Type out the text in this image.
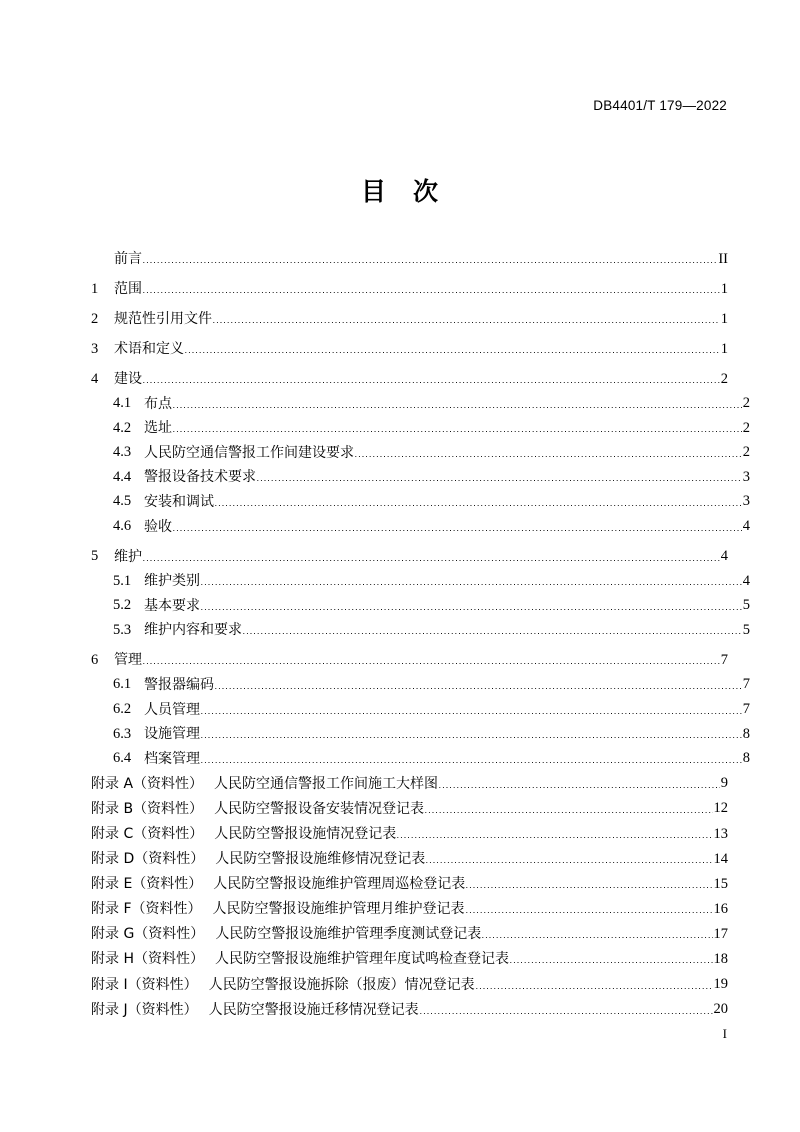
DB4401/T 179—2022
目 次
前言	II
1	范围	1
2	规范性引用文件	1
3	术语和定义	1
4	建设	2
4.1 布点	2
4.2 选址	2
4.3 人民防空通信警报工作间建设要求	2
4.4 警报设备技术要求	3
4.5 安装和调试	3
4.6 验收	4
5	维护	4
5.1 维护类别	4
5.2 基本要求	5
5.3 维护内容和要求	5
6	管理	7
6.1 警报器编码	7
6.2 人员管理	7
6.3 设施管理	8
6.4 档案管理	8
附录 A（资料性） 人民防空通信警报工作间施工大样图	9
附录 B（资料性） 人民防空警报设备安装情况登记表	12
附录 C（资料性） 人民防空警报设施情况登记表	13
附录 D（资料性） 人民防空警报设施维修情况登记表	14
附录 E（资料性） 人民防空警报设施维护管理周巡检登记表	15
附录 F（资料性） 人民防空警报设施维护管理月维护登记表	16
附录 G（资料性） 人民防空警报设施维护管理季度测试登记表	17
附录 H（资料性） 人民防空警报设施维护管理年度试鸣检查登记表	18
附录 I（资料性） 人民防空警报设施拆除（报废）情况登记表	19
附录 J（资料性） 人民防空警报设施迁移情况登记表	20
I
